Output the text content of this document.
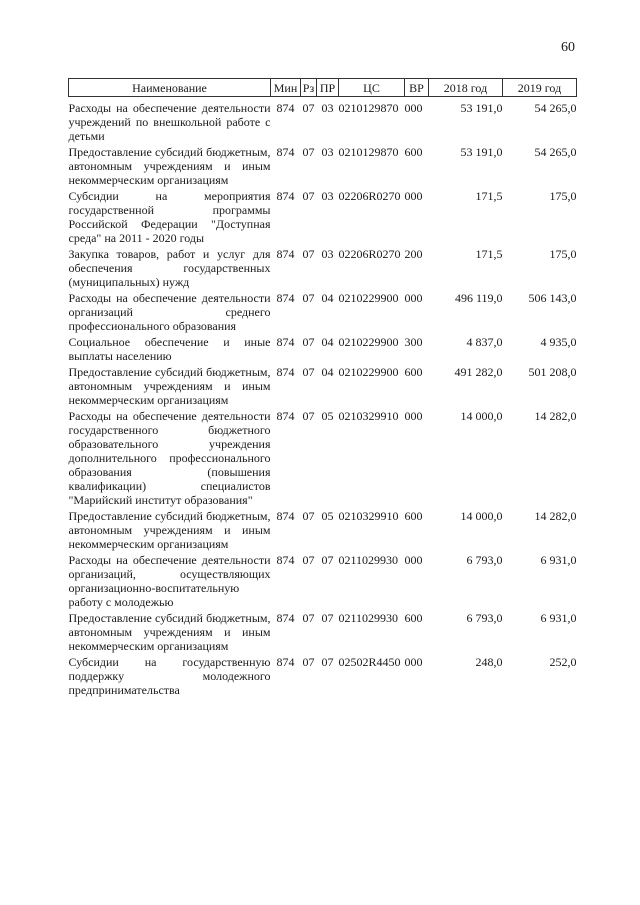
60
Наименование	Мин	Рз	ПР	ЦС	ВР	2018 год	2019 год

Расходы на обеспечение деятельности учреждений по внешкольной работе с детьми	874	07	03	0210129870	000	53 191,0	54 265,0
Предоставление субсидий бюджетным, автономным учреждениям и иным некоммерческим организациям	874	07	03	0210129870	600	53 191,0	54 265,0
Субсидии на мероприятия государственной программы Российской Федерации "Доступная среда" на 2011 - 2020 годы	874	07	03	02206R0270	000	171,5	175,0
Закупка товаров, работ и услуг для обеспечения государственных (муниципальных) нужд	874	07	03	02206R0270	200	171,5	175,0
Расходы на обеспечение деятельности организаций среднего профессионального образования	874	07	04	0210229900	000	496 119,0	506 143,0
Социальное обеспечение и иные выплаты населению	874	07	04	0210229900	300	4 837,0	4 935,0
Предоставление субсидий бюджетным, автономным учреждениям и иным некоммерческим организациям	874	07	04	0210229900	600	491 282,0	501 208,0
Расходы на обеспечение деятельности государственного бюджетного образовательного учреждения дополнительного профессионального образования (повышения квалификации) специалистов "Марийский институт образования"	874	07	05	0210329910	000	14 000,0	14 282,0
Предоставление субсидий бюджетным, автономным учреждениям и иным некоммерческим организациям	874	07	05	0210329910	600	14 000,0	14 282,0
Расходы на обеспечение деятельности организаций, осуществляющих организационно-воспитательную работу с молодежью	874	07	07	0211029930	000	6 793,0	6 931,0
Предоставление субсидий бюджетным, автономным учреждениям и иным некоммерческим организациям	874	07	07	0211029930	600	6 793,0	6 931,0
Субсидии на государственную поддержку молодежного предпринимательства	874	07	07	02502R4450	000	248,0	252,0
